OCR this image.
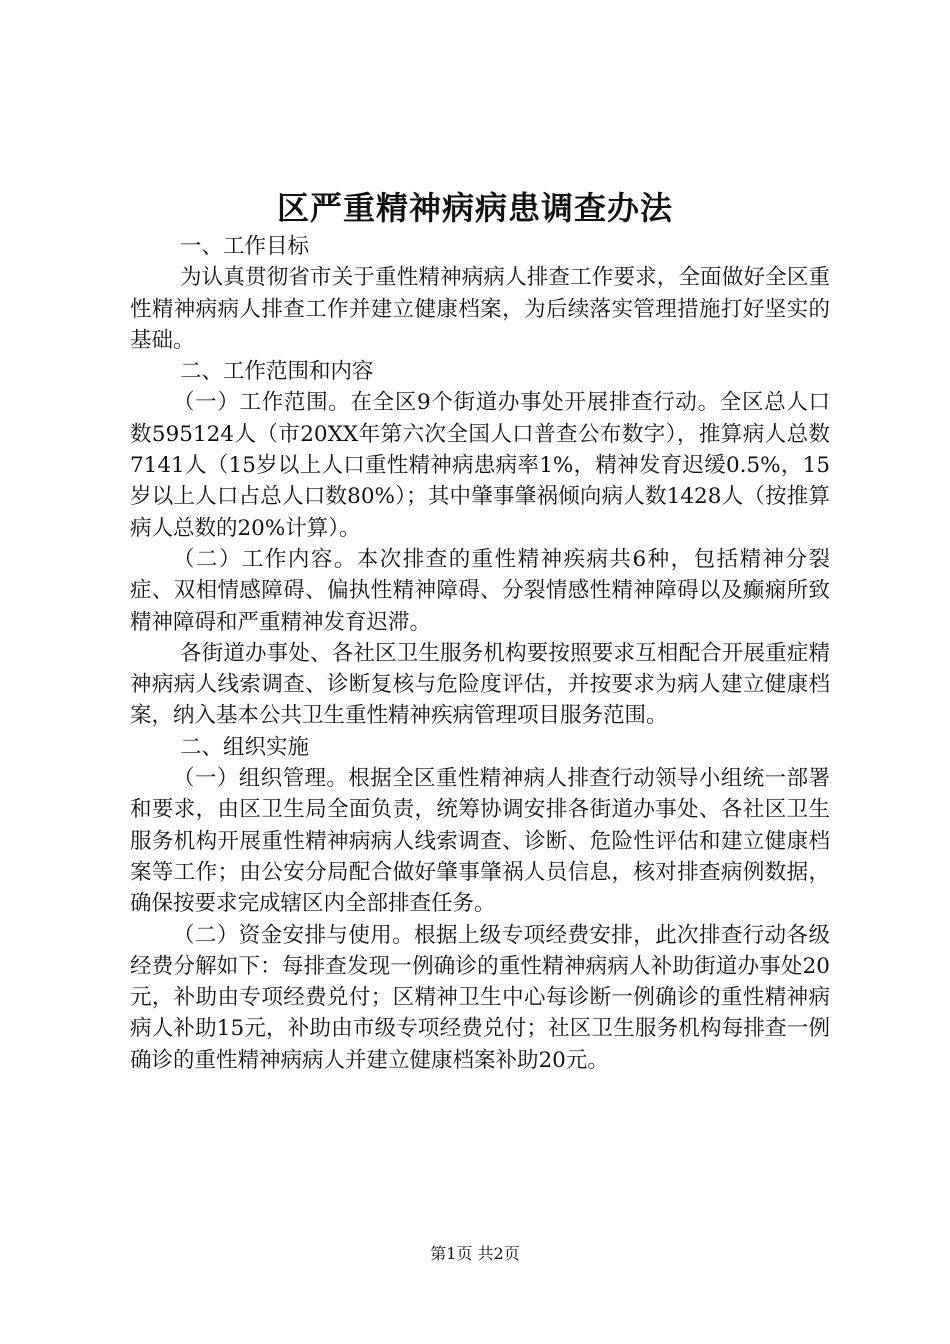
区严重精神病病患调查办法

一、工作目标

为认真贯彻省市关于重性精神病病人排查工作要求，全面做好全区重性精神病病人排查工作并建立健康档案，为后续落实管理措施打好坚实的基础。

二、工作范围和内容

（一）工作范围。在全区9个街道办事处开展排查行动。全区总人口数595124人（市20XX年第六次全国人口普查公布数字），推算病人总数7141人（15岁以上人口重性精神病患病率1%，精神发育迟缓0.5%，15岁以上人口占总人口数80%）；其中肇事肇祸倾向病人数1428人（按推算病人总数的20%计算）。

（二）工作内容。本次排查的重性精神疾病共6种，包括精神分裂症、双相情感障碍、偏执性精神障碍、分裂情感性精神障碍以及癫痫所致精神障碍和严重精神发育迟滞。

各街道办事处、各社区卫生服务机构要按照要求互相配合开展重症精神病病人线索调查、诊断复核与危险度评估，并按要求为病人建立健康档案，纳入基本公共卫生重性精神疾病管理项目服务范围。

二、组织实施

（一）组织管理。根据全区重性精神病人排查行动领导小组统一部署和要求，由区卫生局全面负责，统筹协调安排各街道办事处、各社区卫生服务机构开展重性精神病病人线索调查、诊断、危险性评估和建立健康档案等工作；由公安分局配合做好肇事肇祸人员信息，核对排查病例数据，确保按要求完成辖区内全部排查任务。

（二）资金安排与使用。根据上级专项经费安排，此次排查行动各级经费分解如下：每排查发现一例确诊的重性精神病病人补助街道办事处20元，补助由专项经费兑付；区精神卫生中心每诊断一例确诊的重性精神病病人补助15元，补助由市级专项经费兑付；社区卫生服务机构每排查一例确诊的重性精神病病人并建立健康档案补助20元。

第1页 共2页
